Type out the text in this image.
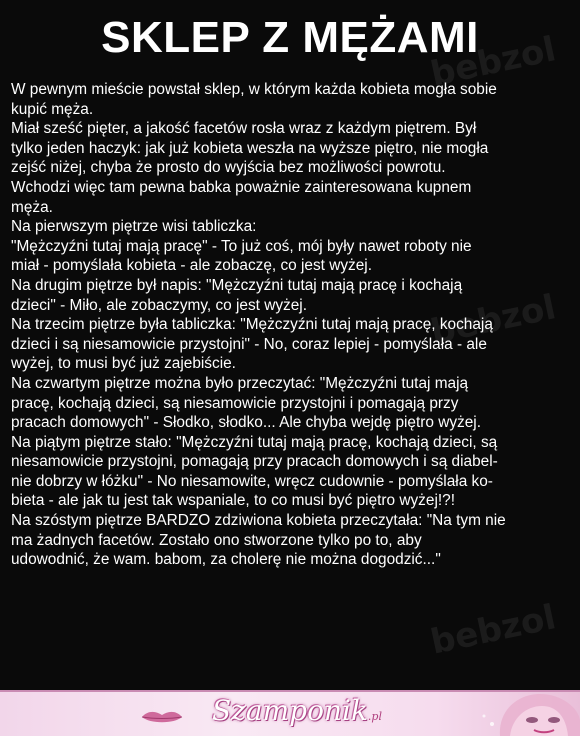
SKLEP Z MĘŻAMI
bebzol
bebzol
bebzol

W pewnym mieście powstał sklep, w którym każda kobieta mogła sobie

kupić męża.

Miał sześć pięter, a jakość facetów rosła wraz z każdym piętrem. Był

tylko jeden haczyk: jak już kobieta weszła na wyższe piętro, nie mogła

zejść niżej, chyba że prosto do wyjścia bez możliwości powrotu.

Wchodzi więc tam pewna babka poważnie zainteresowana kupnem

męża.

Na pierwszym piętrze wisi tabliczka:

"Mężczyźni tutaj mają pracę" - To już coś, mój były nawet roboty nie

miał - pomyślała kobieta - ale zobaczę, co jest wyżej.

Na drugim piętrze był napis: "Mężczyźni tutaj mają pracę i kochają

dzieci" - Miło, ale zobaczymy, co jest wyżej.

Na trzecim piętrze była tabliczka: "Mężczyźni tutaj mają pracę, kochają

dzieci i są niesamowicie przystojni" - No, coraz lepiej - pomyślała - ale

wyżej, to musi być już zajebiście.

Na czwartym piętrze można było przeczytać: "Mężczyźni tutaj mają

pracę, kochają dzieci, są niesamowicie przystojni i pomagają przy

pracach domowych" - Słodko, słodko... Ale chyba wejdę piętro wyżej.

Na piątym piętrze stało: "Mężczyźni tutaj mają pracę, kochają dzieci, są

niesamowicie przystojni, pomagają przy pracach domowych i są diabel-

nie dobrzy w łóżku" - No niesamowite, wręcz cudownie - pomyślała ko-

bieta - ale jak tu jest tak wspaniale, to co musi być piętro wyżej!?!

Na szóstym piętrze BARDZO zdziwiona kobieta przeczytała: "Na tym nie

ma żadnych facetów. Zostało ono stworzone tylko po to, aby

udowodnić, że wam. babom, za cholerę nie można dogodzić..."

Szamponik.pl
